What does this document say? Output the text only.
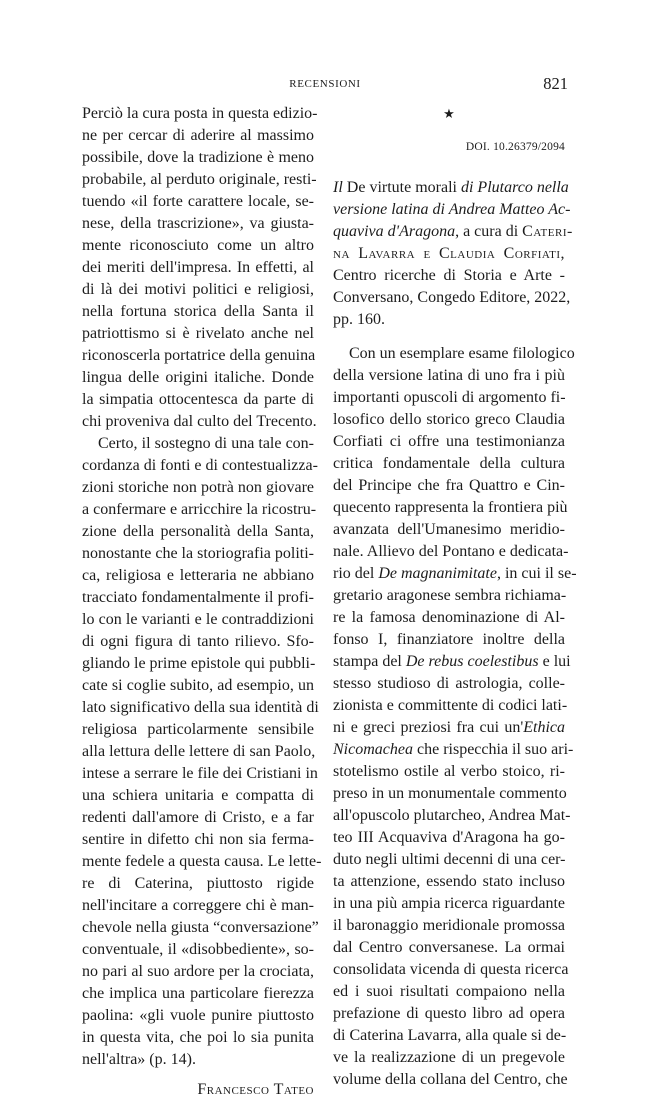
RECENSIONI	821
Perciò la cura posta in questa edizio-
ne per cercar di aderire al massimo
possibile, dove la tradizione è meno
probabile, al perduto originale, resti-
tuendo «il forte carattere locale, se-
nese, della trascrizione», va giusta-
mente riconosciuto come un altro
dei meriti dell'impresa. In effetti, al
di là dei motivi politici e religiosi,
nella fortuna storica della Santa il
patriottismo si è rivelato anche nel
riconoscerla portatrice della genuina
lingua delle origini italiche. Donde
la simpatia ottocentesca da parte di
chi proveniva dal culto del Trecento.
Certo, il sostegno di una tale con-
cordanza di fonti e di contestualizza-
zioni storiche non potrà non giovare
a confermare e arricchire la ricostru-
zione della personalità della Santa,
nonostante che la storiografia politi-
ca, religiosa e letteraria ne abbiano
tracciato fondamentalmente il profi-
lo con le varianti e le contraddizioni
di ogni figura di tanto rilievo. Sfo-
gliando le prime epistole qui pubbli-
cate si coglie subito, ad esempio, un
lato significativo della sua identità di
religiosa particolarmente sensibile
alla lettura delle lettere di san Paolo,
intese a serrare le file dei Cristiani in
una schiera unitaria e compatta di
redenti dall'amore di Cristo, e a far
sentire in difetto chi non sia ferma-
mente fedele a questa causa. Le lette-
re di Caterina, piuttosto rigide
nell'incitare a correggere chi è man-
chevole nella giusta “conversazione”
conventuale, il «disobbediente», so-
no pari al suo ardore per la crociata,
che implica una particolare fierezza
paolina: «gli vuole punire piuttosto
in questa vita, che poi lo sia punita
nell'altra» (p. 14).
Francesco Tateo
★
DOI. 10.26379/2094
Il De virtute morali di Plutarco nella
versione latina di Andrea Matteo Ac-
quaviva d'Aragona, a cura di Cateri-
na Lavarra e Claudia Corfiati,
Centro ricerche di Storia e Arte -
Conversano, Congedo Editore, 2022,
pp. 160.
Con un esemplare esame filologico
della versione latina di uno fra i più
importanti opuscoli di argomento fi-
losofico dello storico greco Claudia
Corfiati ci offre una testimonianza
critica fondamentale della cultura
del Principe che fra Quattro e Cin-
quecento rappresenta la frontiera più
avanzata dell'Umanesimo meridio-
nale. Allievo del Pontano e dedicata-
rio del De magnanimitate, in cui il se-
gretario aragonese sembra richiama-
re la famosa denominazione di Al-
fonso I, finanziatore inoltre della
stampa del De rebus coelestibus e lui
stesso studioso di astrologia, colle-
zionista e committente di codici lati-
ni e greci preziosi fra cui un'Ethica
Nicomachea che rispecchia il suo ari-
stotelismo ostile al verbo stoico, ri-
preso in un monumentale commento
all'opuscolo plutarcheo, Andrea Mat-
teo III Acquaviva d'Aragona ha go-
duto negli ultimi decenni di una cer-
ta attenzione, essendo stato incluso
in una più ampia ricerca riguardante
il baronaggio meridionale promossa
dal Centro conversanese. La ormai
consolidata vicenda di questa ricerca
ed i suoi risultati compaiono nella
prefazione di questo libro ad opera
di Caterina Lavarra, alla quale si de-
ve la realizzazione di un pregevole
volume della collana del Centro, che
